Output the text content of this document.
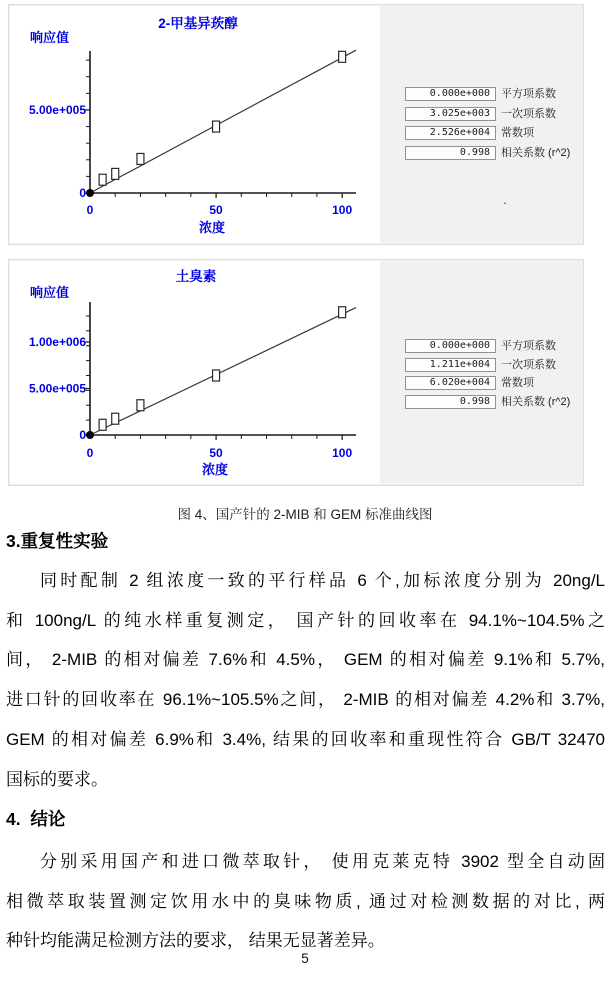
2-甲基异莰醇
响应值
浓度
0
5.00e+005
0	50	100
0.000e+000	平方项系数
3.025e+003	一次项系数
2.526e+004	常数项
0.998	相关系数 (r^2)
.
土臭素
响应值
浓度
0
5.00e+005
1.00e+006
0	50	100
0.000e+000	平方项系数
1.211e+004	一次项系数
6.020e+004	常数项
0.998	相关系数 (r^2)
图 4、国产针的 2-MIB 和 GEM 标准曲线图
3.重复性实验
同时配制 2 组浓度一致的平行样品 6 个,加标浓度分别为 20ng/L
和 100ng/L 的纯水样重复测定， 国产针的回收率在 94.1%~104.5%之
间， 2-MIB 的相对偏差 7.6%和 4.5%， GEM 的相对偏差 9.1%和 5.7%,
进口针的回收率在 96.1%~105.5%之间， 2-MIB 的相对偏差 4.2%和 3.7%,
GEM 的相对偏差 6.9%和 3.4%, 结果的回收率和重现性符合 GB/T 32470
国标的要求。
4.  结论
分别采用国产和进口微萃取针， 使用克莱克特 3902 型全自动固
相微萃取装置测定饮用水中的臭味物质, 通过对检测数据的对比, 两
种针均能满足检测方法的要求， 结果无显著差异。
5
